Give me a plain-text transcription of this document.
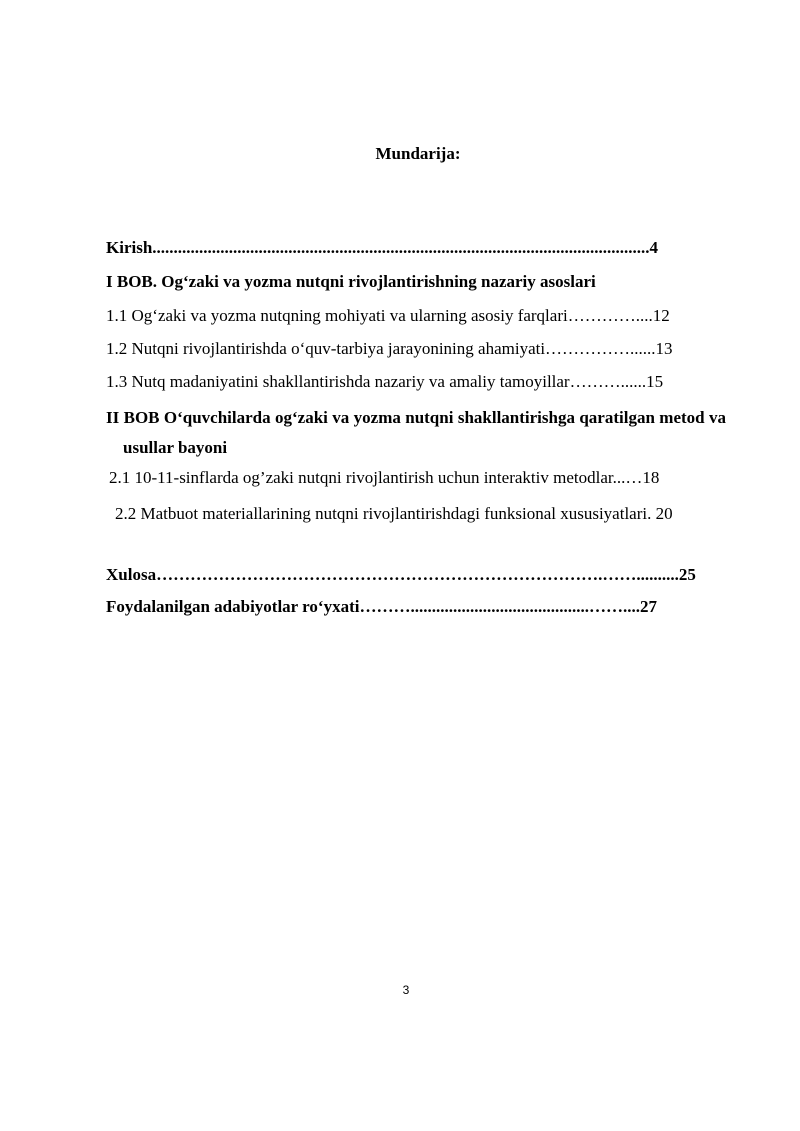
Mundarija:
Kirish.....................................................................................................................4
I BOB. Og‘zaki va yozma nutqni rivojlantirishning nazariy asoslari
1.1 Og‘zaki va yozma nutqning mohiyati va ularning asosiy farqlari…………....12
1.2 Nutqni rivojlantirishda o‘quv-tarbiya jarayonining ahamiyati……………......13
1.3 Nutq madaniyatini shakllantirishda nazariy va amaliy tamoyillar………......15
II BOB O‘quvchilarda og‘zaki va yozma nutqni shakllantirishga qaratilgan metod va usullar bayoni
2.1 10-11-sinflarda og’zaki nutqni rivojlantirish uchun interaktiv metodlar...…18
2.2 Matbuot materiallarining nutqni rivojlantirishdagi funksional xususiyatlari. 20
Xulosa…………………………………………………………………….……..........25
Foydalanilgan adabiyotlar ro‘yxati………..........................................……....27
3
